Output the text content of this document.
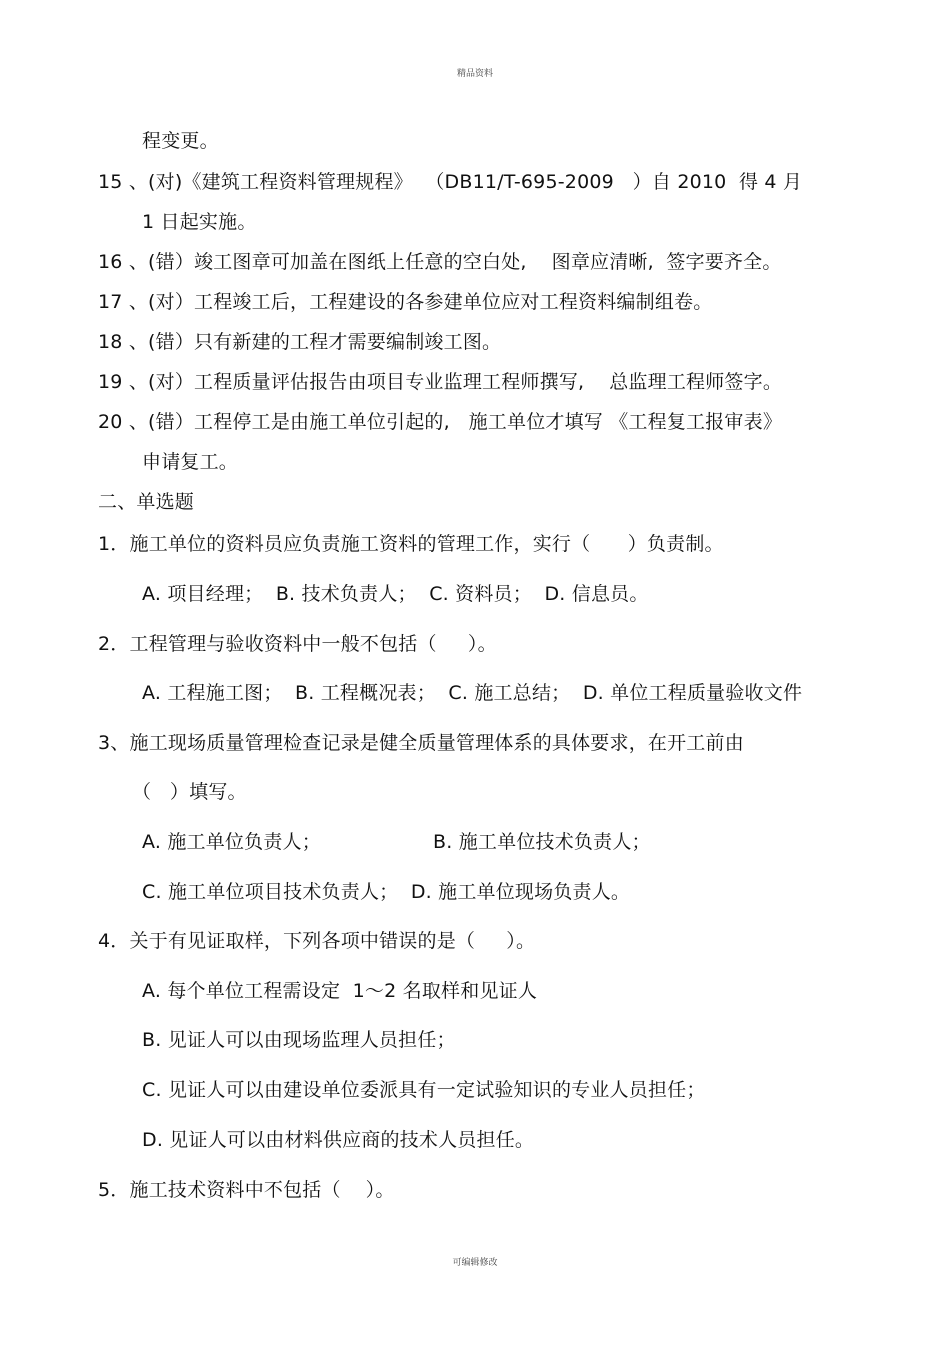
精品资料
程变更。
15 、(对)《建筑工程资料管理规程》  （DB11/T-695-2009   ）自 2010  得 4 月
1 日起实施。
16 、(错）竣工图章可加盖在图纸上任意的空白处,    图章应清晰,  签字要齐全。
17 、(对）工程竣工后，工程建设的各参建单位应对工程资料编制组卷。
18 、(错）只有新建的工程才需要编制竣工图。
19 、(对）工程质量评估报告由项目专业监理工程师撰写,    总监理工程师签字。
20 、(错）工程停工是由施工单位引起的,   施工单位才填写 《工程复工报审表》
申请复工。
二、单选题
1．施工单位的资料员应负责施工资料的管理工作，实行（      ）负责制。
A. 项目经理；  B. 技术负责人；  C. 资料员；  D. 信息员。
2．工程管理与验收资料中一般不包括（     ）。
A. 工程施工图；  B. 工程概况表；  C. 施工总结；  D. 单位工程质量验收文件
3、施工现场质量管理检查记录是健全质量管理体系的具体要求，在开工前由
（   ）填写。
A. 施工单位负责人；	B. 施工单位技术负责人；
C. 施工单位项目技术负责人；  D. 施工单位现场负责人。
4．关于有见证取样，下列各项中错误的是（     ）。
A. 每个单位工程需设定  1～2 名取样和见证人
B. 见证人可以由现场监理人员担任；
C. 见证人可以由建设单位委派具有一定试验知识的专业人员担任；
D. 见证人可以由材料供应商的技术人员担任。
5．施工技术资料中不包括（    ）。
可编辑修改
